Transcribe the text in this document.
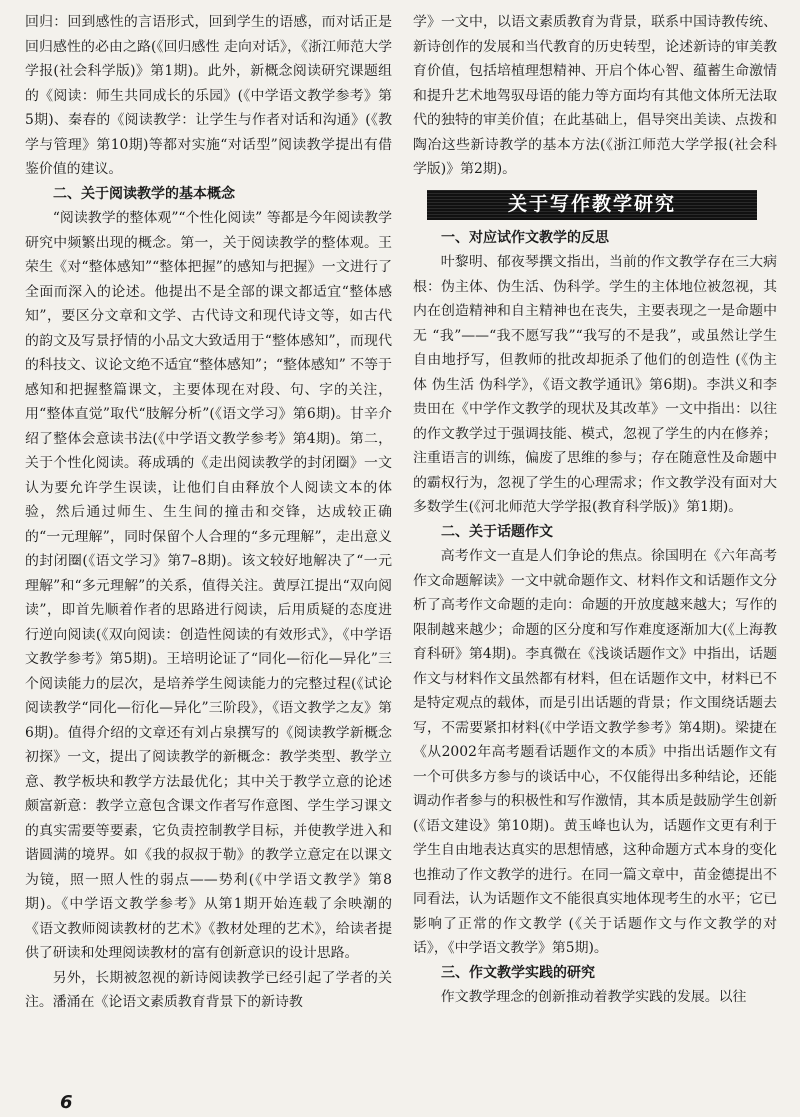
回归：回到感性的言语形式，回到学生的语感，而对话正是回归感性的必由之路(《回归感性 走向对话》，《浙江师范大学学报(社会科学版)》第1期)。此外，新概念阅读研究课题组的《阅读：师生共同成长的乐园》(《中学语文教学参考》第5期)、秦春的《阅读教学：让学生与作者对话和沟通》(《教学与管理》第10期)等都对实施“对话型”阅读教学提出有借鉴价值的建议。

二、关于阅读教学的基本概念

“阅读教学的整体观”“个性化阅读” 等都是今年阅读教学研究中频繁出现的概念。第一，关于阅读教学的整体观。王荣生《对“整体感知”“整体把握”的感知与把握》一文进行了全面而深入的论述。他提出不是全部的课文都适宜“整体感知”，要区分文章和文学、古代诗文和现代诗文等，如古代的韵文及写景抒情的小品文大致适用于“整体感知”，而现代的科技文、议论文绝不适宜“整体感知”；“整体感知” 不等于感知和把握整篇课文，主要体现在对段、句、字的关注，用“整体直觉”取代“肢解分析”(《语文学习》第6期)。甘辛介绍了整体会意读书法(《中学语文教学参考》第4期)。第二，关于个性化阅读。蒋成瑀的《走出阅读教学的封闭圈》一文认为要允许学生误读，让他们自由释放个人阅读文本的体验，然后通过师生、生生间的撞击和交锋，达成较正确的“一元理解”，同时保留个人合理的“多元理解”，走出意义的封闭圈(《语文学习》第7–8期)。该文较好地解决了“一元理解”和“多元理解”的关系，值得关注。黄厚江提出“双向阅读”，即首先顺着作者的思路进行阅读，后用质疑的态度进行逆向阅读(《双向阅读：创造性阅读的有效形式》，《中学语文教学参考》第5期)。王培明论证了“同化—衍化—异化”三个阅读能力的层次，是培养学生阅读能力的完整过程(《试论阅读教学“同化—衍化—异化”三阶段》，《语文教学之友》第6期)。值得介绍的文章还有刘占泉撰写的《阅读教学新概念初探》一文，提出了阅读教学的新概念：教学类型、教学立意、教学板块和教学方法最优化；其中关于教学立意的论述颇富新意：教学立意包含课文作者写作意图、学生学习课文的真实需要等要素，它负责控制教学目标，并使教学进入和谐圆满的境界。如《我的叔叔于勒》的教学立意定在以课文为镜，照一照人性的弱点——势利(《中学语文教学》第8期)。《中学语文教学参考》从第1期开始连载了余映潮的《语文教师阅读教材的艺术》《教材处理的艺术》，给读者提供了研读和处理阅读教材的富有创新意识的设计思路。

另外，长期被忽视的新诗阅读教学已经引起了学者的关注。潘涌在《论语文素质教育背景下的新诗教

学》一文中，以语文素质教育为背景，联系中国诗教传统、新诗创作的发展和当代教育的历史转型，论述新诗的审美教育价值，包括培植理想精神、开启个体心智、蕴蓄生命激情和提升艺术地驾驭母语的能力等方面均有其他文体所无法取代的独特的审美价值；在此基础上，倡导突出美读、点拨和陶冶这些新诗教学的基本方法(《浙江师范大学学报(社会科学版)》第2期)。

关于写作教学研究
一、对应试作文教学的反思

叶黎明、郁夜琴撰文指出，当前的作文教学存在三大病根：伪主体、伪生活、伪科学。学生的主体地位被忽视，其内在创造精神和自主精神也在丧失，主要表现之一是命题中无 “我”——“我不愿写我”“我写的不是我”，或虽然让学生自由地抒写，但教师的批改却扼杀了他们的创造性 (《伪主体 伪生活 伪科学》，《语文教学通讯》第6期)。李洪义和李贵田在《中学作文教学的现状及其改革》一文中指出：以往的作文教学过于强调技能、模式，忽视了学生的内在修养；注重语言的训练，偏废了思维的参与；存在随意性及命题中的霸权行为，忽视了学生的心理需求；作文教学没有面对大多数学生(《河北师范大学学报(教育科学版)》第1期)。

二、关于话题作文

高考作文一直是人们争论的焦点。徐国明在《六年高考作文命题解读》一文中就命题作文、材料作文和话题作文分析了高考作文命题的走向：命题的开放度越来越大；写作的限制越来越少；命题的区分度和写作难度逐渐加大(《上海教育科研》第4期)。李真微在《浅谈话题作文》中指出，话题作文与材料作文虽然都有材料，但在话题作文中，材料已不是特定观点的载体，而是引出话题的背景；作文围绕话题去写，不需要紧扣材料(《中学语文教学参考》第4期)。梁捷在《从2002年高考题看话题作文的本质》中指出话题作文有一个可供多方参与的谈话中心，不仅能得出多种结论，还能调动作者参与的积极性和写作激情，其本质是鼓励学生创新(《语文建设》第10期)。黄玉峰也认为，话题作文更有利于学生自由地表达真实的思想情感，这种命题方式本身的变化也推动了作文教学的进行。在同一篇文章中，苗金德提出不同看法，认为话题作文不能很真实地体现考生的水平；它已影响了正常的作文教学 (《关于话题作文与作文教学的对话》，《中学语文教学》第5期)。

三、作文教学实践的研究

作文教学理念的创新推动着教学实践的发展。以往

6
